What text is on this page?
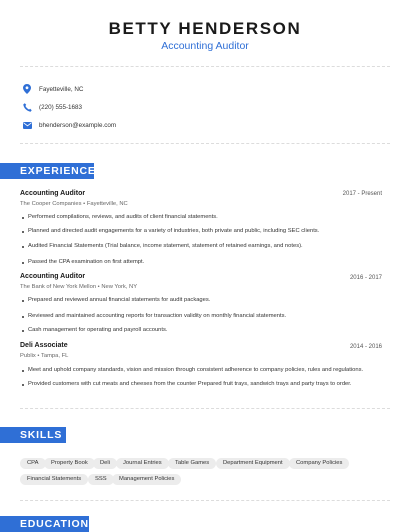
BETTY HENDERSON
Accounting Auditor
Fayetteville, NC
(220) 555-1683
bhenderson@example.com
EXPERIENCE
Accounting Auditor	2017 - Present
The Cooper Companies • Fayetteville, NC
Performed compilations, reviews, and audits of client financial statements.
Planned and directed audit engagements for a variety of industries, both private and public, including SEC clients.
Audited Financial Statements (Trial balance, income statement, statement of retained earnings, and notes).
Passed the CPA examination on first attempt.
Accounting Auditor	2016 - 2017
The Bank of New York Mellon • New York, NY
Prepared and reviewed annual financial statements for audit packages.
Reviewed and maintained accounting reports for transaction validity on monthly financial statements.
Cash management for operating and payroll accounts.
Deli Associate	2014 - 2016
Publix • Tampa, FL
Meet and uphold company standards, vision and mission through consistent adherence to company policies, rules and regulations.
Provided customers with cut meats and cheeses from the counter Prepared fruit trays, sandwich trays and party trays to order.
SKILLS
CPA	Property Book	Deli	Journal Entries	Table Games	Department Equipment	Company Policies
Financial Statements	SSS	Management Policies
EDUCATION
